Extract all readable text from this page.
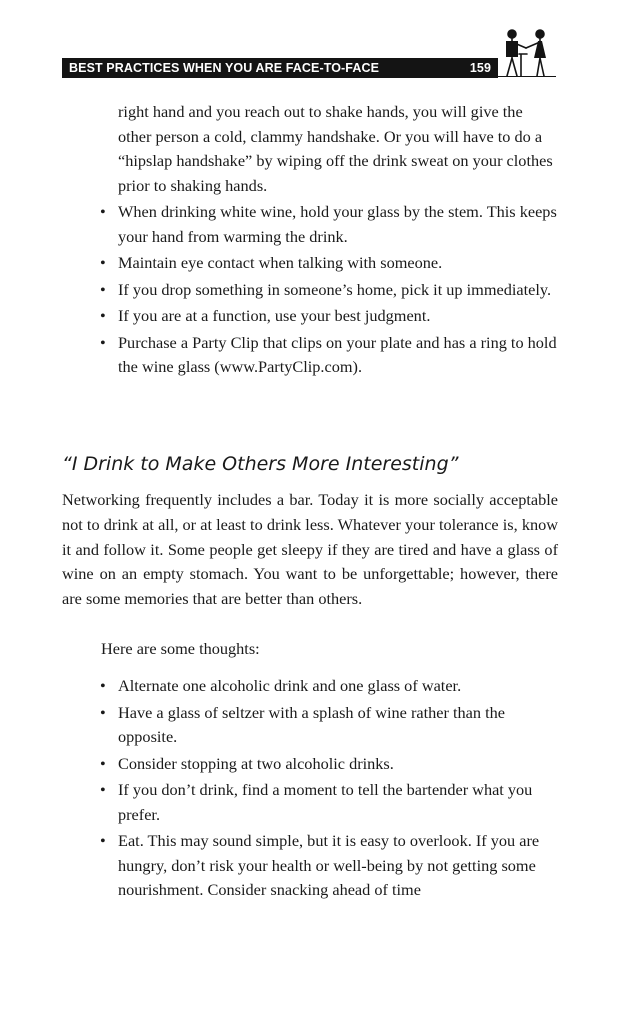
BEST PRACTICES WHEN YOU ARE FACE-TO-FACE	159
right hand and you reach out to shake hands, you will give the other person a cold, clammy handshake. Or you will have to do a “hipslap handshake” by wiping off the drink sweat on your clothes prior to shaking hands.
• When drinking white wine, hold your glass by the stem. This keeps your hand from warming the drink.
• Maintain eye contact when talking with someone.
• If you drop something in someone’s home, pick it up immediately.
• If you are at a function, use your best judgment.
• Purchase a Party Clip that clips on your plate and has a ring to hold the wine glass (www.PartyClip.com).
“I Drink to Make Others More Interesting”
Networking frequently includes a bar. Today it is more socially acceptable not to drink at all, or at least to drink less. Whatever your tolerance is, know it and follow it. Some people get sleepy if they are tired and have a glass of wine on an empty stomach. You want to be unforgettable; however, there are some memories that are better than others.
Here are some thoughts:
• Alternate one alcoholic drink and one glass of water.
• Have a glass of seltzer with a splash of wine rather than the opposite.
• Consider stopping at two alcoholic drinks.
• If you don’t drink, find a moment to tell the bartender what you prefer.
• Eat. This may sound simple, but it is easy to overlook. If you are hungry, don’t risk your health or well-being by not getting some nourishment. Consider snacking ahead of time
